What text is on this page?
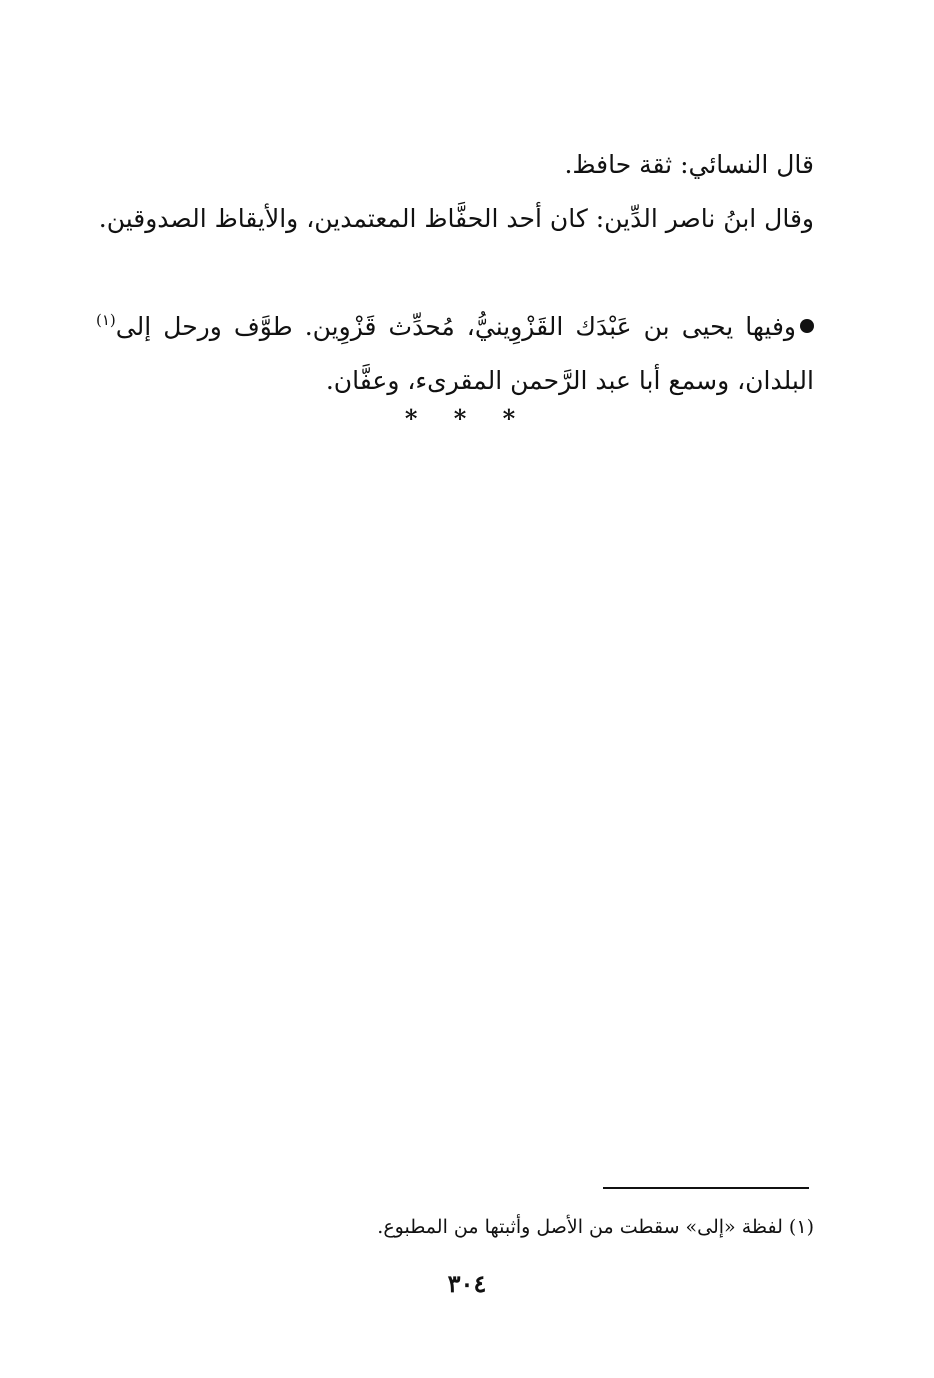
قال النسائي: ثقة حافظ.

وقال ابنُ ناصر الدِّين: كان أحد الحفَّاظ المعتمدين، والأيقاظ الصدوقين.

وفيها يحيى بن عَبْدَك القَزْوِينيُّ، مُحدِّث قَزْوِين. طوَّف ورحل إلى$^{(١)}$ البلدان، وسمع أبا عبد الرَّحمن المقرىء، وعفَّان.

* * *
(١) لفظة «إلى» سقطت من الأصل وأثبتها من المطبوع.
٣٠٤
